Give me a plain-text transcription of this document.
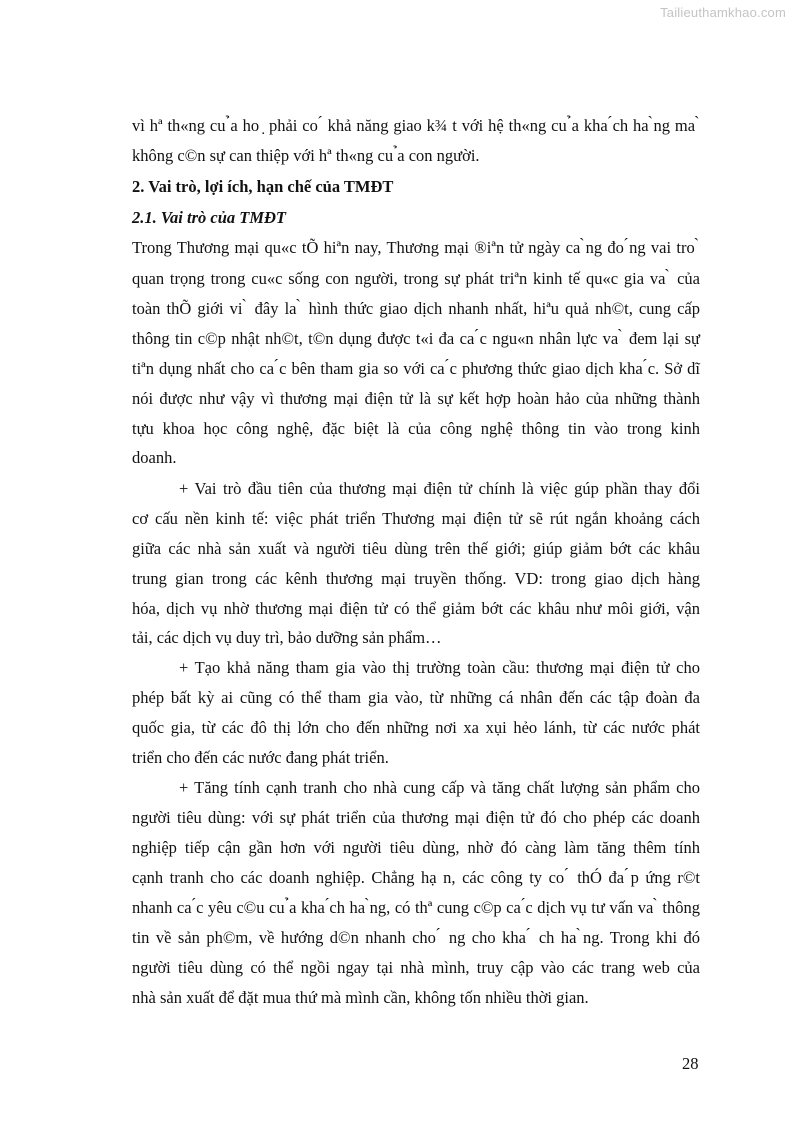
Tailieuthamkhao.com
vì hª th«ng cu ̉a ho ̣ phải co ́ khả năng giao k¾ t với hệ th«ng cu ̉a kha ́ch ha ̀ng ma ̀
không c©n sự can thiệp với hª th«ng cu ̉a con người.
2. Vai trò, lợi ích, hạn chế của TMĐT
2.1. Vai trò của TMĐT
Trong Thương mại qu«c tÕ hiªn nay, Thương mại ®iªn tử ngày ca ̀ng đo ́ng vai tro ̀
quan trọng trong cu«c sống con người, trong sự phát triªn kinh tế qu«c gia va ̀ của
toàn thÕ giới vi ̀ đây la ̀ hình thức giao dịch nhanh nhất, hiªu quả nh©t, cung cấp
thông tin c©p nhật nh©t, t©n dụng được t«i đa ca ́c ngu«n nhân lực va ̀ đem lại sự
tiªn dụng nhất cho ca ́c bên tham gia so với ca ́c phương thức giao dịch kha ́c. Sở dĩ
nói được như vậy vì thương mại điện tử là sự kết hợp hoàn hảo của những thành
tựu khoa học công nghệ, đặc biệt là của công nghệ thông tin vào trong kinh
doanh.
+ Vai trò đầu tiên của thương mại điện tử chính là việc gúp phần thay đổi
cơ cấu nền kinh tế: việc phát triển Thương mại điện tử sẽ rút ngắn khoảng cách
giữa các nhà sản xuất và người tiêu dùng trên thế giới; giúp giảm bớt các khâu
trung gian trong các kênh thương mại truyền thống. VD: trong giao dịch hàng
hóa, dịch vụ nhờ thương mại điện tử có thể giảm bớt các khâu như môi giới, vận
tải, các dịch vụ duy trì, bảo dưỡng sản phẩm…
+ Tạo khả năng tham gia vào thị trường toàn cầu: thương mại điện tử cho
phép bất kỳ ai cũng có thể tham gia vào, từ những cá nhân đến các tập đoàn đa
quốc gia, từ các đô thị lớn cho đến những nơi xa xụi hẻo lánh, từ các nước phát
triển cho đến các nước đang phát triển.
+ Tăng tính cạnh tranh cho nhà cung cấp và tăng chất lượng sản phẩm cho
người tiêu dùng: với sự phát triển của thương mại điện tử đó cho phép các doanh
nghiệp tiếp cận gần hơn với người tiêu dùng, nhờ đó càng làm tăng thêm tính
cạnh tranh cho các doanh nghiệp. Chẳng hạ n, các công ty co ́ thÓ đa ́p ứng r©t
nhanh ca ́c yêu c©u cu ̉a kha ́ch ha ̀ng, có thª cung c©p ca ́c dịch vụ tư vấn va ̀ thông
tin về sản ph©m, về hướng d©n nhanh cho ́ ng cho kha ́ ch ha ̀ng. Trong khi đó
người tiêu dùng có thể ngồi ngay tại nhà mình, truy cập vào các trang web của
nhà sản xuất để đặt mua thứ mà mình cần, không tốn nhiều thời gian.
28
